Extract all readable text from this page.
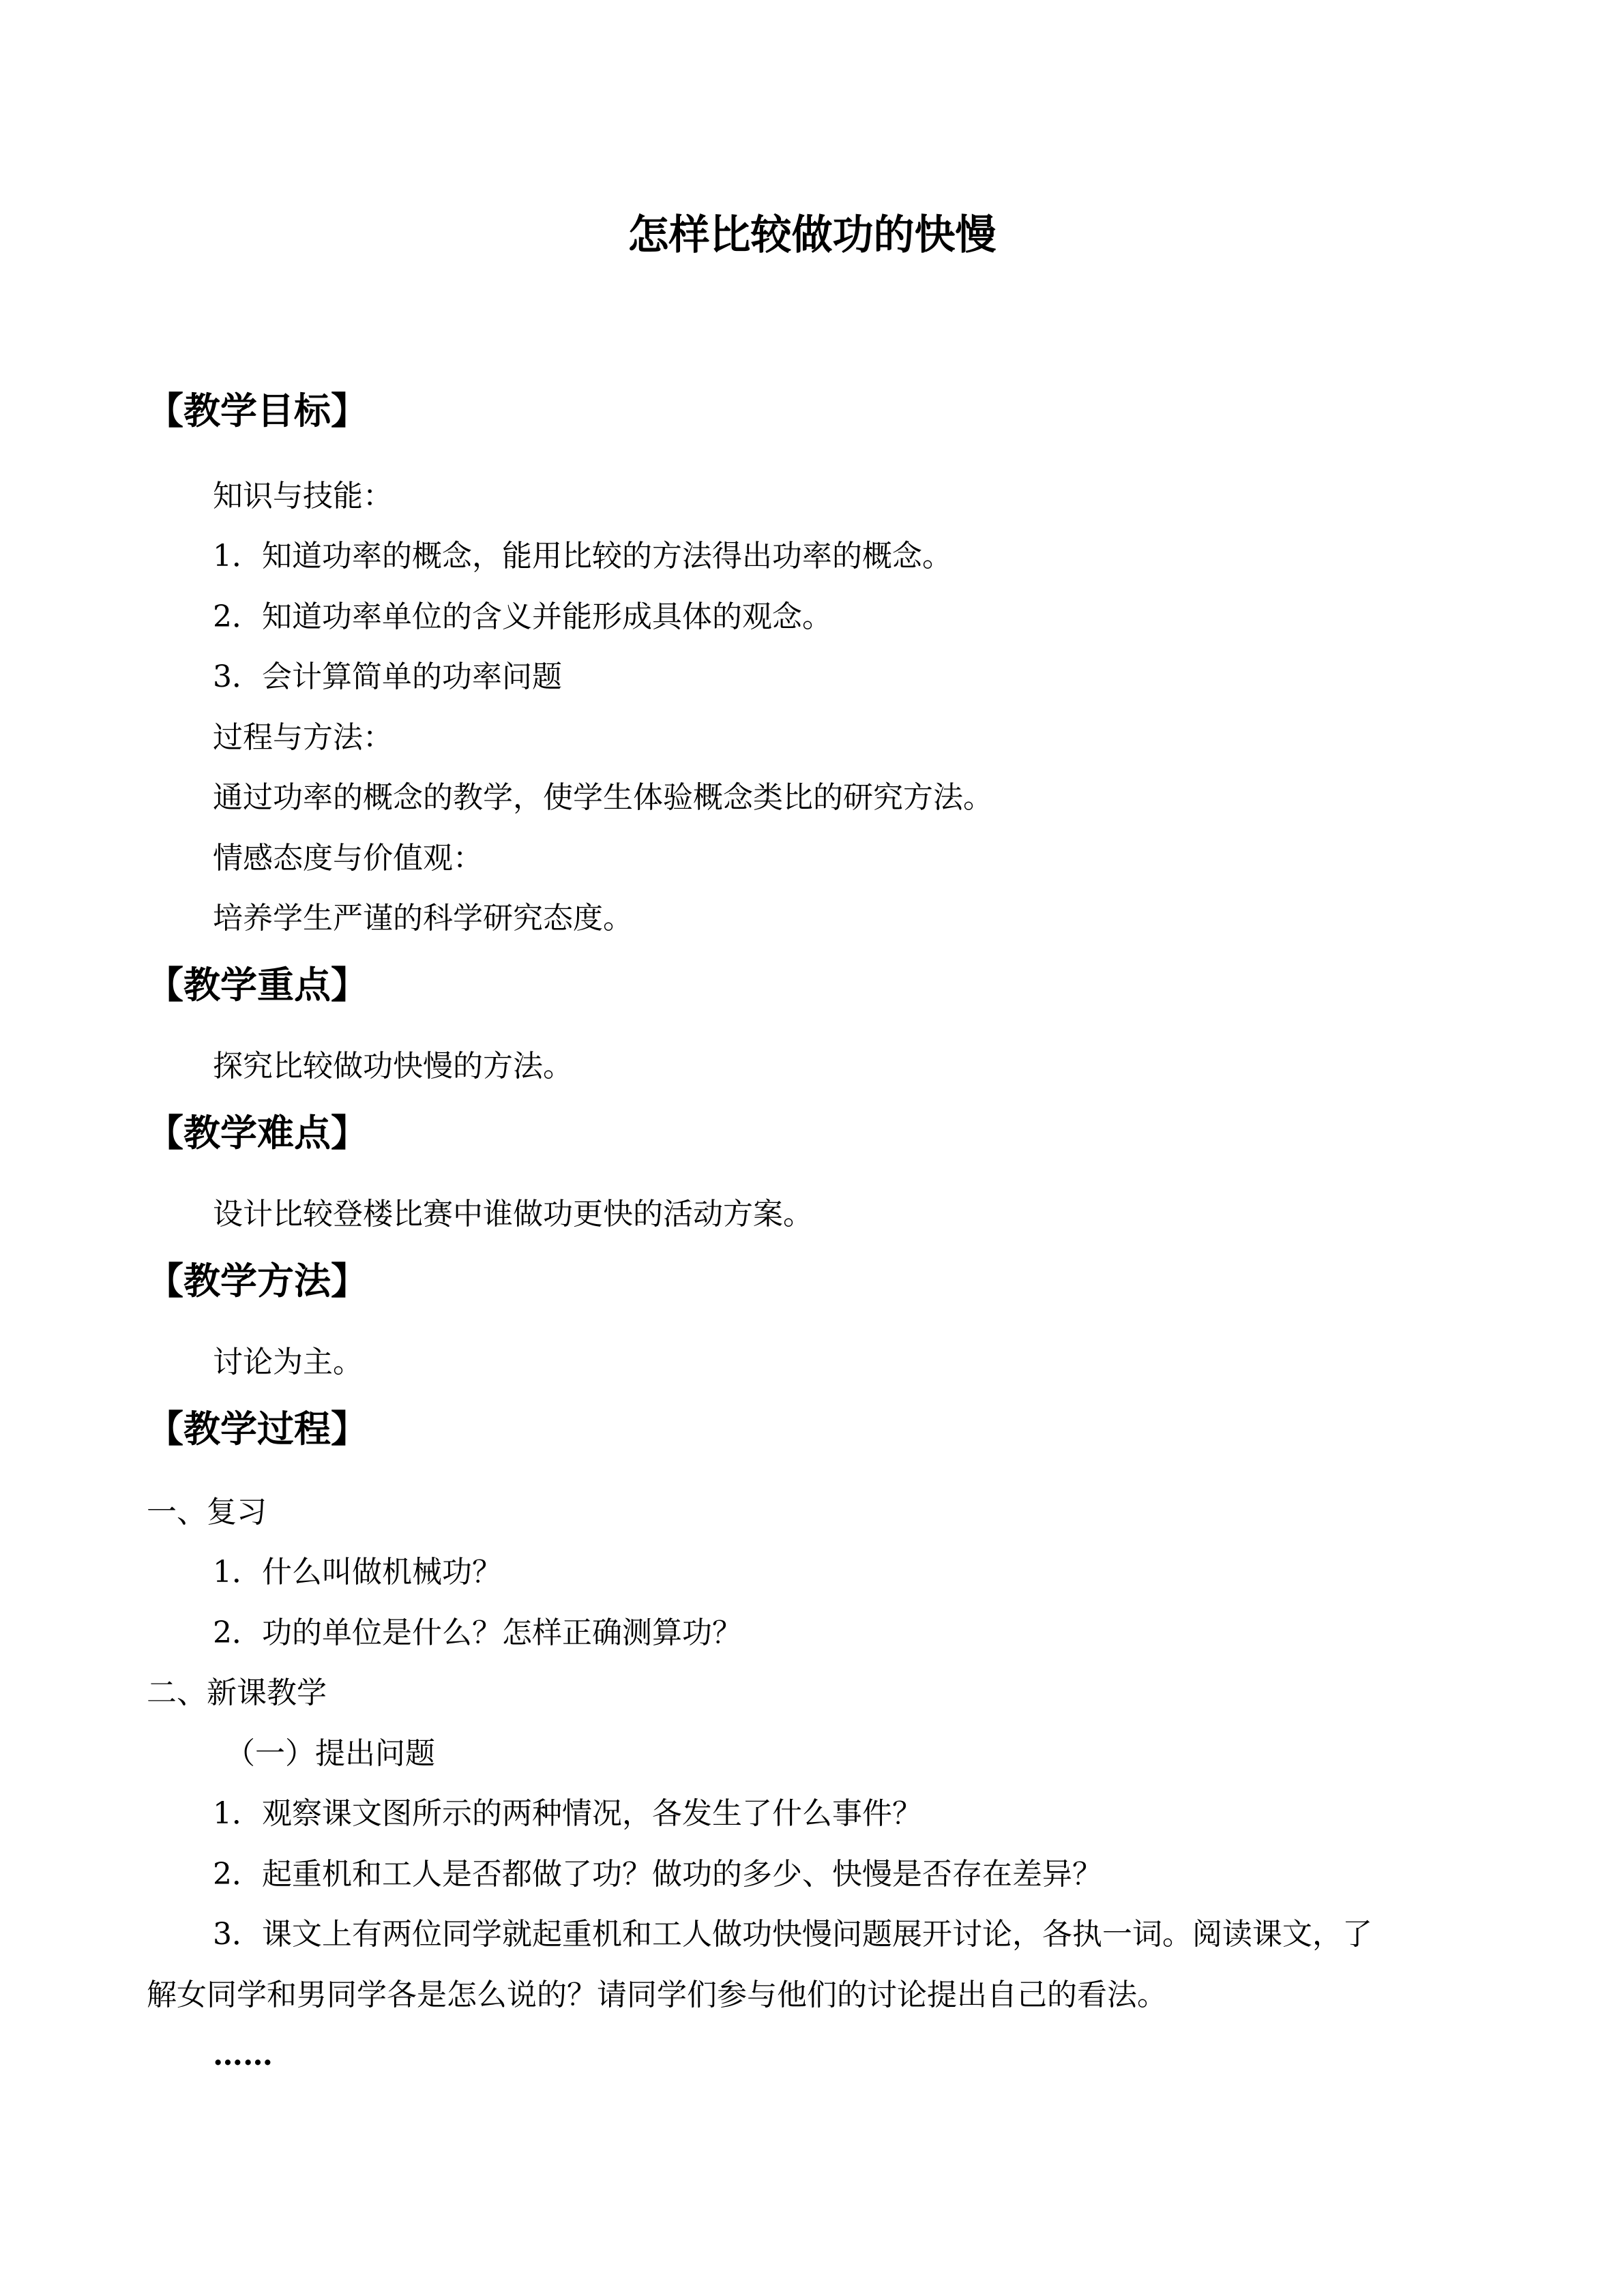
怎样比较做功的快慢
【教学目标】
知识与技能：
1．知道功率的概念，能用比较的方法得出功率的概念。
2．知道功率单位的含义并能形成具体的观念。
3．会计算简单的功率问题
过程与方法：
通过功率的概念的教学，使学生体验概念类比的研究方法。
情感态度与价值观：
培养学生严谨的科学研究态度。
【教学重点】
探究比较做功快慢的方法。
【教学难点】
设计比较登楼比赛中谁做功更快的活动方案。
【教学方法】
讨论为主。
【教学过程】
一、复习
1．什么叫做机械功？
2．功的单位是什么？怎样正确测算功？
二、新课教学
（一）提出问题
1．观察课文图所示的两种情况，各发生了什么事件？
2．起重机和工人是否都做了功？做功的多少、快慢是否存在差异？
3．课文上有两位同学就起重机和工人做功快慢问题展开讨论，各执一词。阅读课文，了
解女同学和男同学各是怎么说的？请同学们参与他们的讨论提出自己的看法。
……
